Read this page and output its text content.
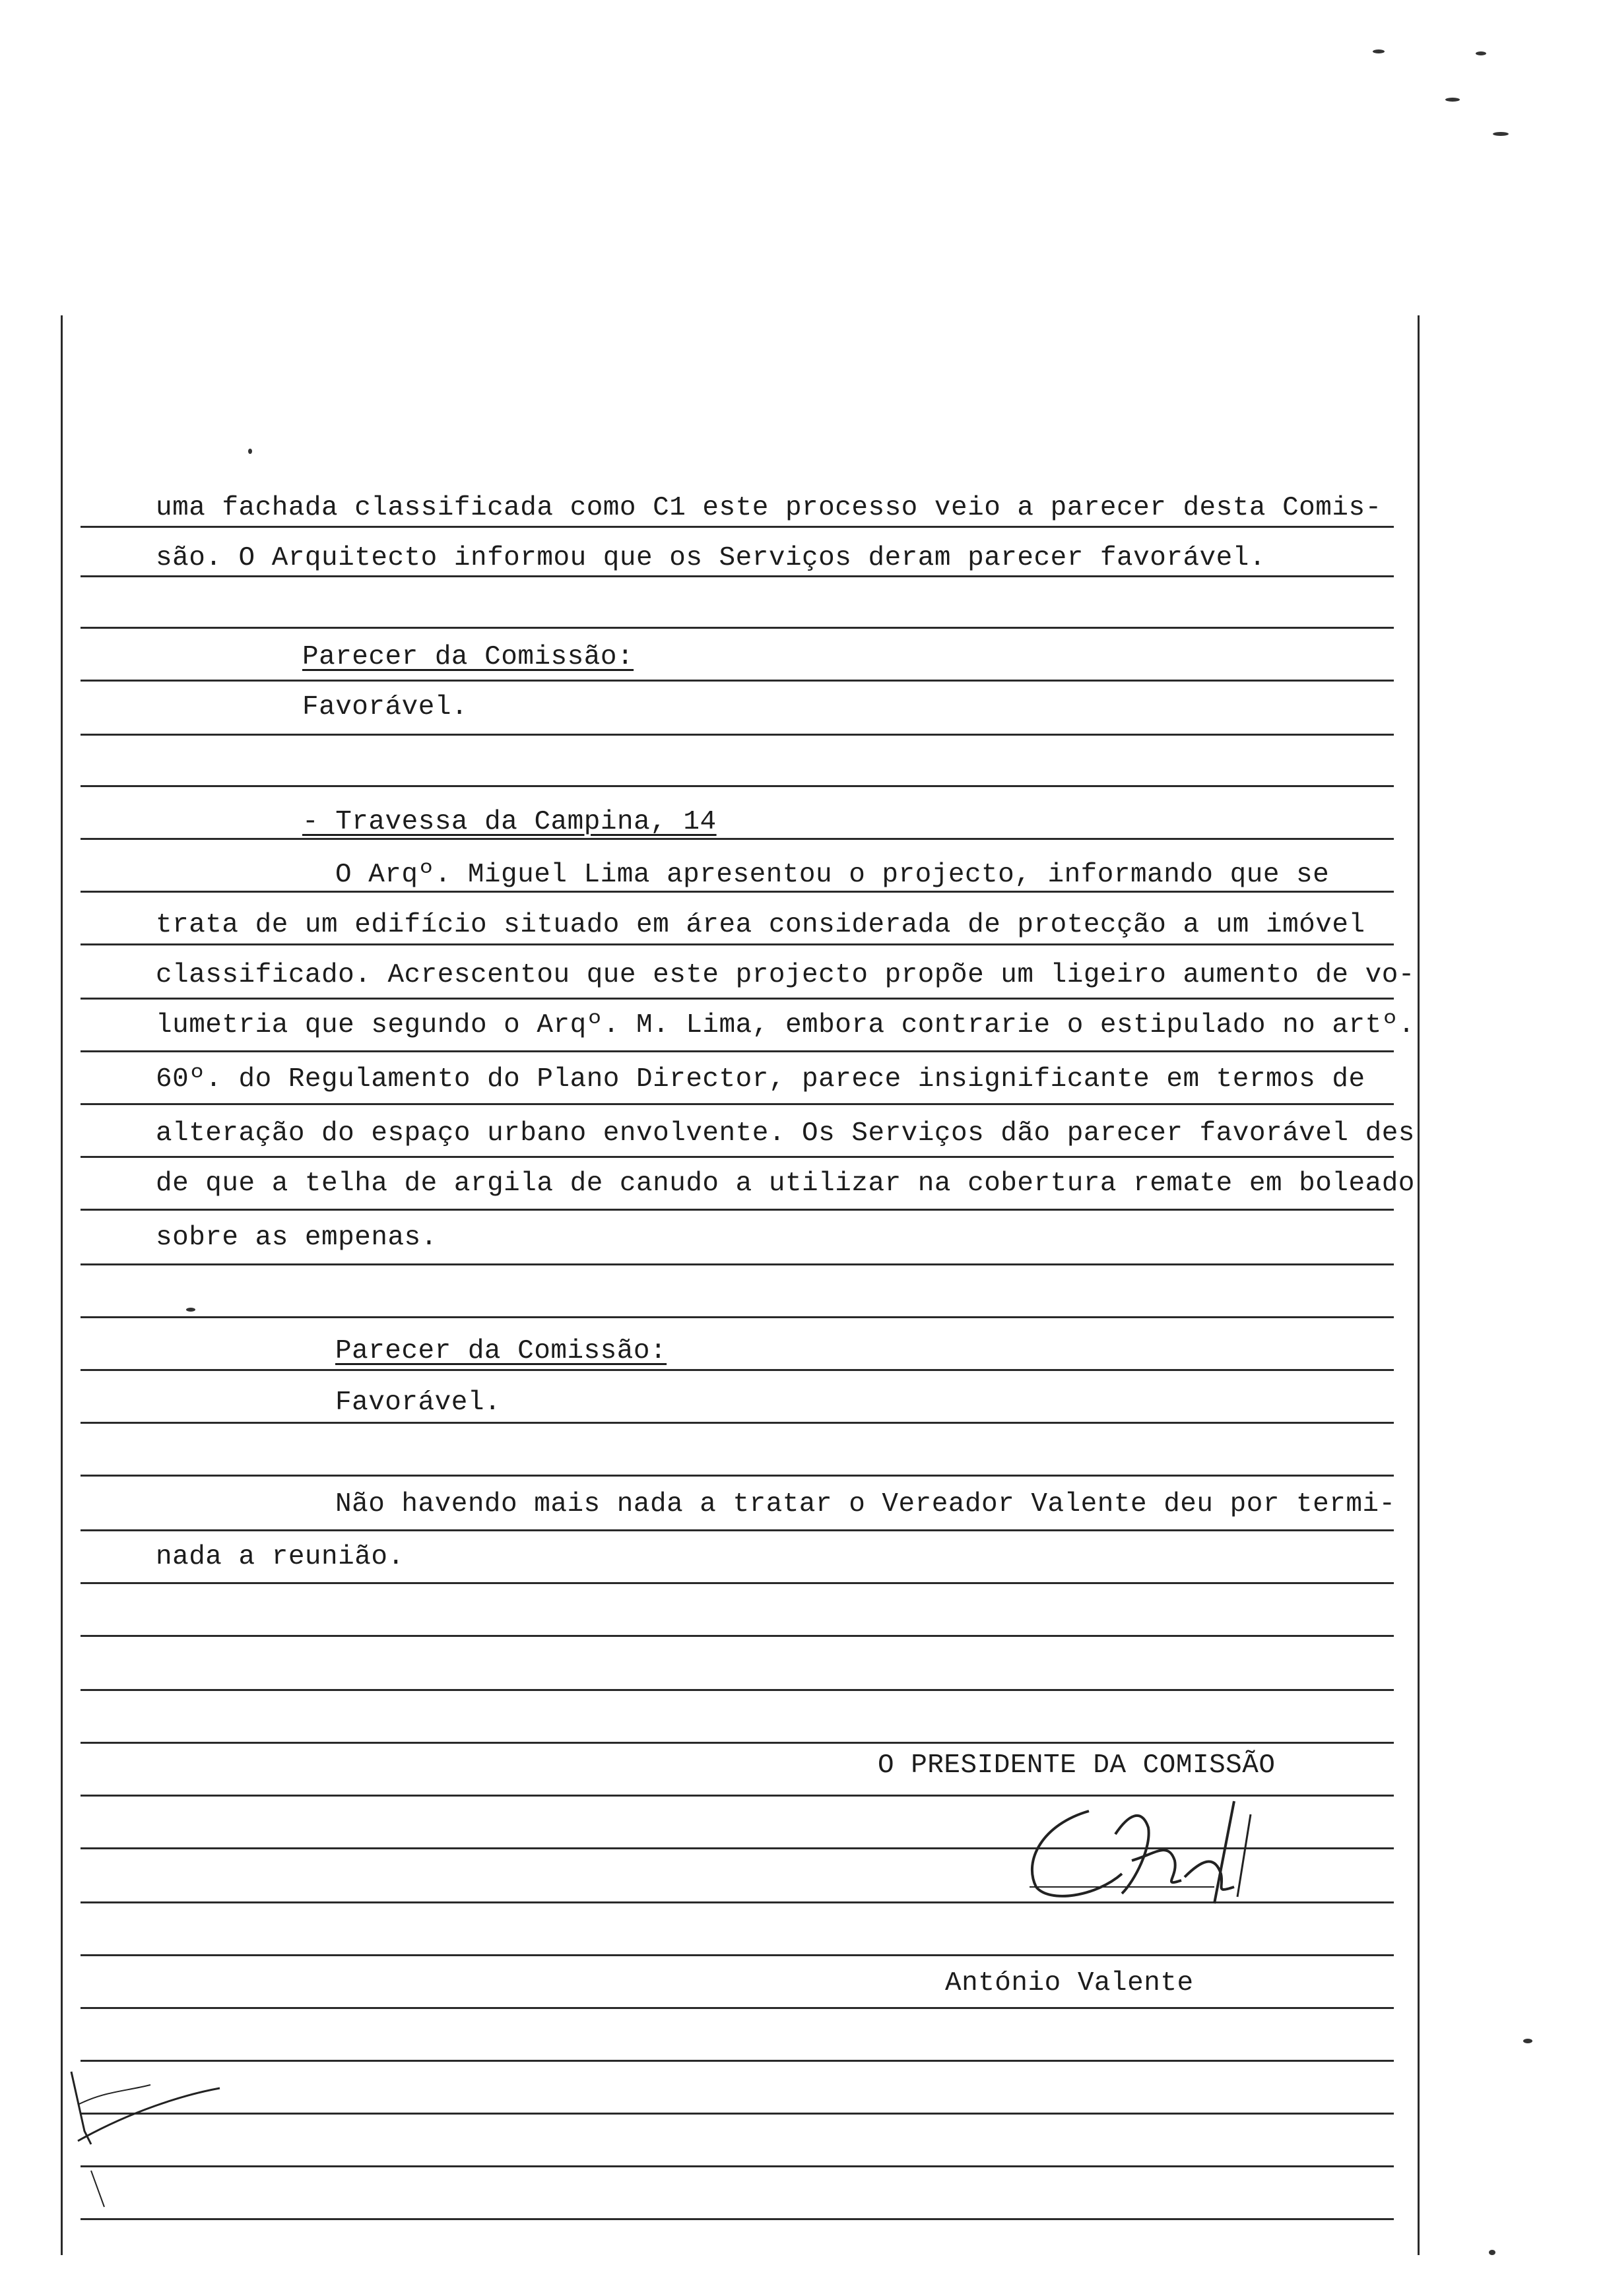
uma fachada classificada como C1 este processo veio a parecer desta Comis-
são. O Arquitecto informou que os Serviços deram parecer favorável.
Parecer da Comissão:
Favorável.
- Travessa da Campina, 14
O Arqº. Miguel Lima apresentou o projecto, informando que se
trata de um edifício situado em área considerada de protecção a um imóvel
classificado. Acrescentou que este projecto propõe um ligeiro aumento de vo-
lumetria que segundo o Arqº. M. Lima, embora contrarie o estipulado no artº.
60º. do Regulamento do Plano Director, parece insignificante em termos de
alteração do espaço urbano envolvente. Os Serviços dão parecer favorável des
de que a telha de argila de canudo a utilizar na cobertura remate em boleado
sobre as empenas.
Parecer da Comissão:
Favorável.
Não havendo mais nada a tratar o Vereador Valente deu por termi-
nada a reunião.
O PRESIDENTE DA COMISSÃO
António Valente
